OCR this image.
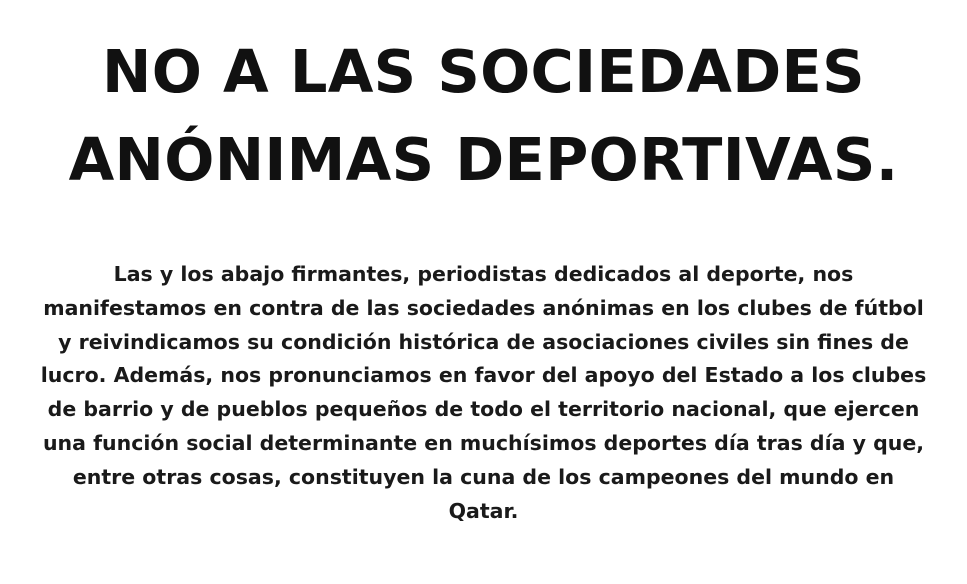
NO A LAS SOCIEDADES
ANÓNIMAS DEPORTIVAS.

Las y los abajo firmantes, periodistas dedicados al deporte, nos
manifestamos en contra de las sociedades anónimas en los clubes de fútbol
y reivindicamos su condición histórica de asociaciones civiles sin fines de
lucro. Además, nos pronunciamos en favor del apoyo del Estado a los clubes
de barrio y de pueblos pequeños de todo el territorio nacional, que ejercen
una función social determinante en muchísimos deportes día tras día y que,
entre otras cosas, constituyen la cuna de los campeones del mundo en
Qatar.
